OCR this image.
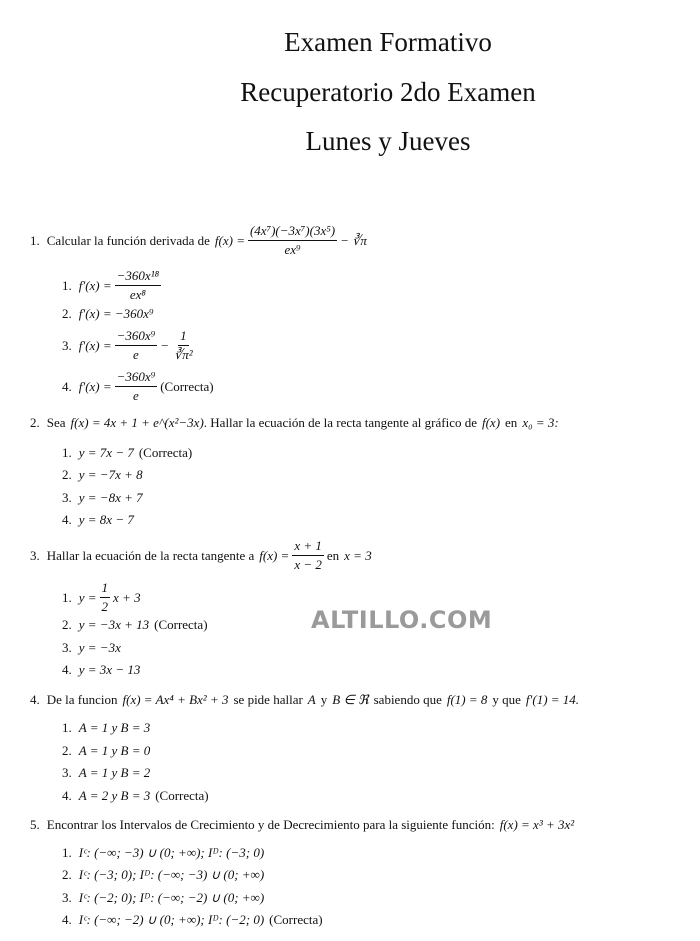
Examen Formativo
Recuperatorio 2do Examen
Lunes y Jueves
1. Calcular la función derivada de $f(x) = \frac{\text{(4x⁷)(−3x⁷)(3x⁵)}}{\text{ex⁹}}$ − ∛π
1. $f'(x) = \frac{\text{−360x¹⁸}}{\text{ex⁸}}$
2. f′(x) = −360x⁹
3. $f'(x) = \frac{\text{−360x⁹}}{e} - \frac{1}{\text{∛π²}}$
4. $f'(x) = \frac{\text{−360x⁹}}{e}$ (Correcta)
2. Sea f(x) = 4x + 1 + e^(x²−3x) . Hallar la ecuación de la recta tangente al gráfico de f(x) en x₀ = 3:
1. y = 7x − 7 (Correcta)
2. y = −7x + 8
3. y = −8x + 7
4. y = 8x − 7
3. Hallar la ecuación de la recta tangente a $f(x) = \frac{x + 1}{x - 2}$ en x = 3
1. $y = \frac{1}{2}$ x + 3
2. y = −3x + 13 (Correcta)
3. y = −3x
4. y = 3x − 13
ALTILLO.COM
4. De la funcion f(x) = Ax⁴ + Bx² + 3 se pide hallar A y B ∈ ℜ sabiendo que f(1) = 8 y que f′(1) = 14.
1. A = 1 y B = 3
2. A = 1 y B = 0
3. A = 1 y B = 2
4. A = 2 y B = 3 (Correcta)
5. Encontrar los Intervalos de Crecimiento y de Decrecimiento para la siguiente función: f(x) = x³ + 3x²
1. Iᶜ: (−∞; −3) ∪ (0; +∞); Iᴰ: (−3; 0)
2. Iᶜ: (−3; 0); Iᴰ: (−∞; −3) ∪ (0; +∞)
3. Iᶜ: (−2; 0); Iᴰ: (−∞; −2) ∪ (0; +∞)
4. Iᶜ: (−∞; −2) ∪ (0; +∞); Iᴰ: (−2; 0) (Correcta)
